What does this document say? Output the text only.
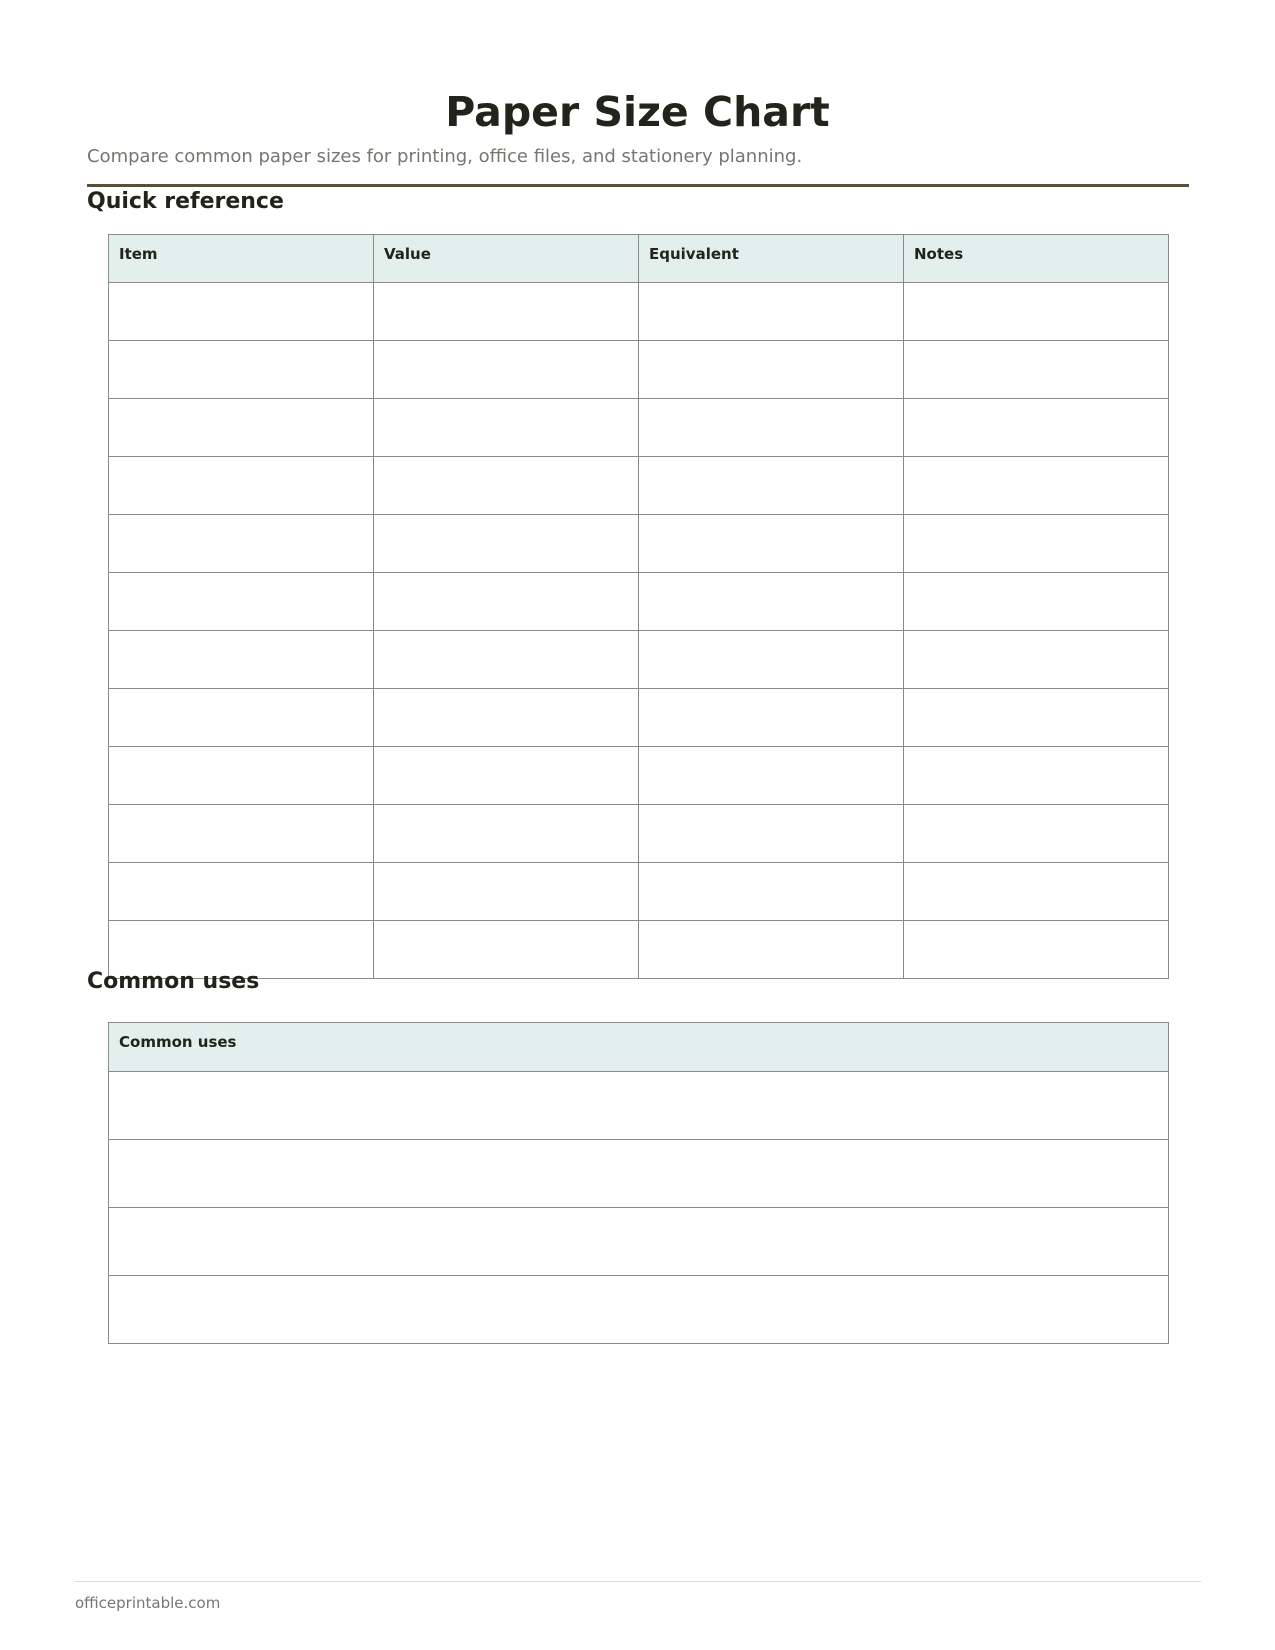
Paper Size Chart

Compare common paper sizes for printing, office files, and stationery planning.

Quick reference
Item	Value	Equivalent	Notes

Common uses
Common uses

officeprintable.com
